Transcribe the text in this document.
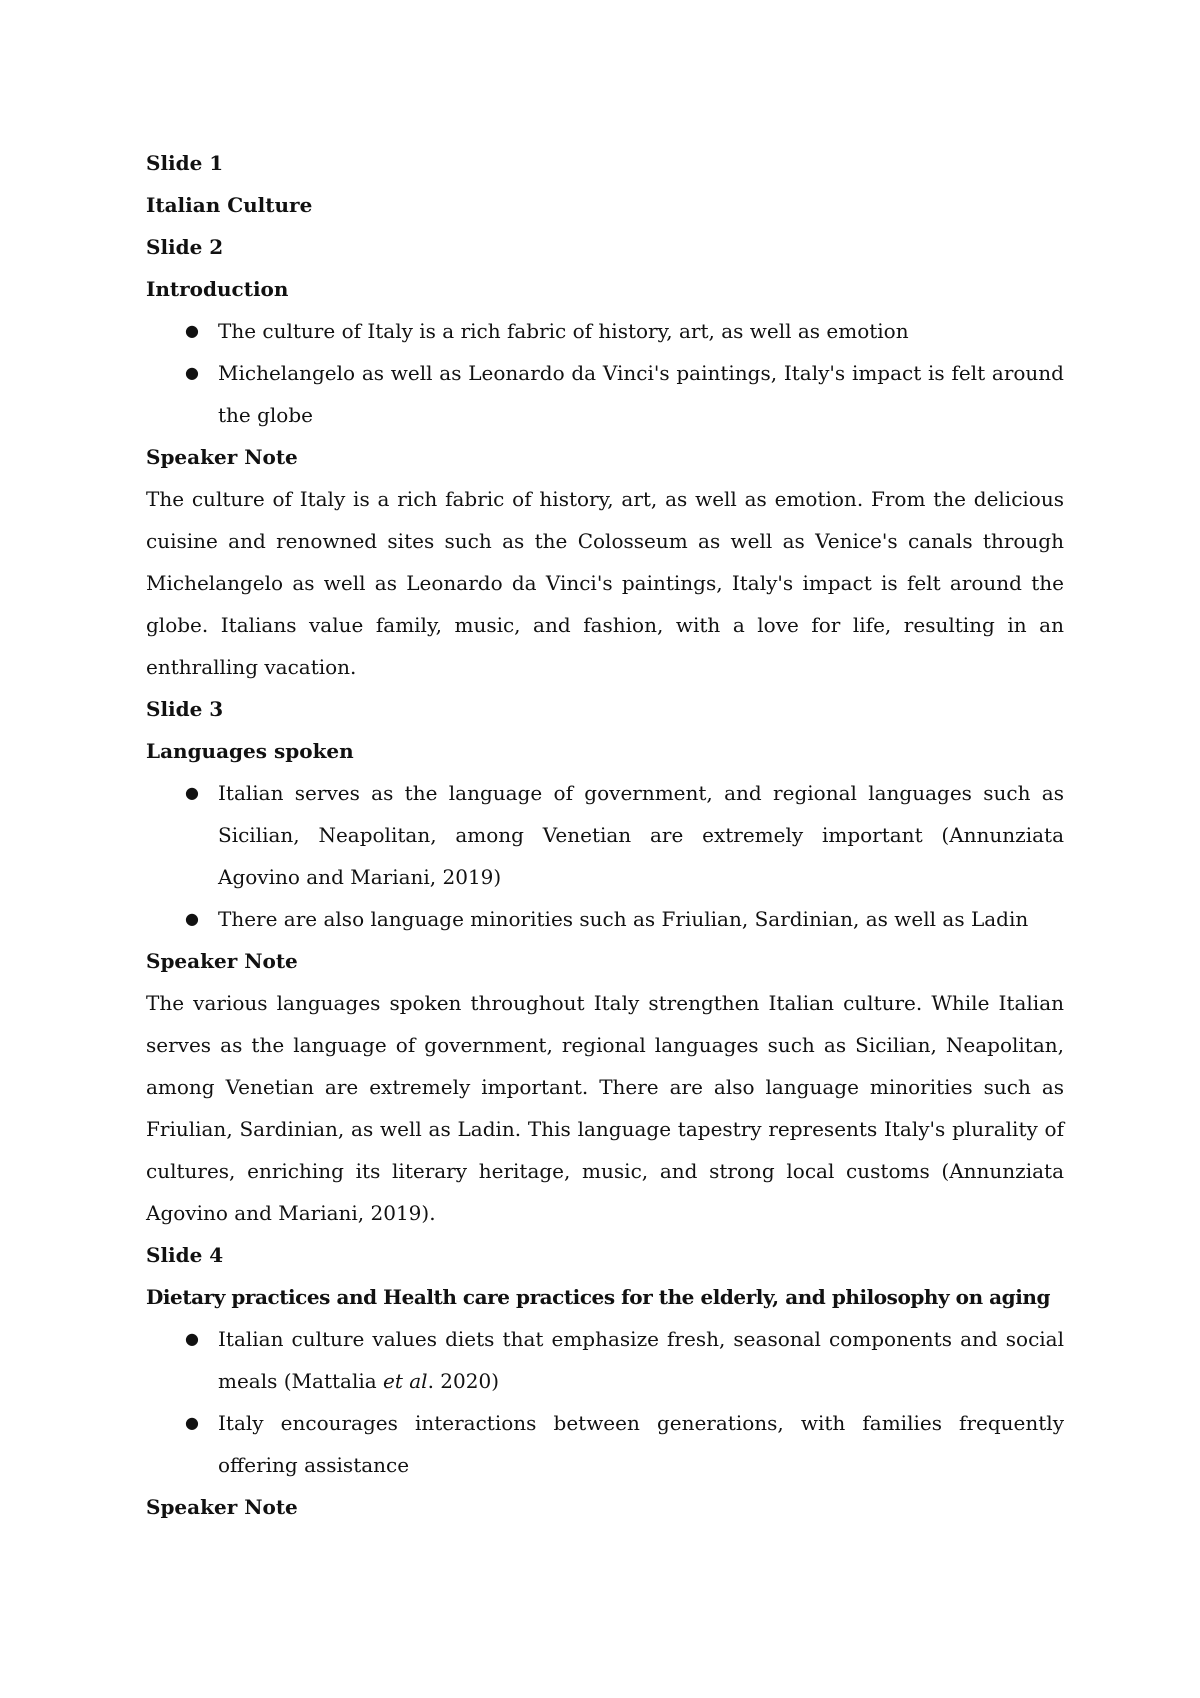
Slide 1

Italian Culture

Slide 2

Introduction

● The culture of Italy is a rich fabric of history, art, as well as emotion
● Michelangelo as well as Leonardo da Vinci's paintings, Italy's impact is felt around the globe

Speaker Note

The culture of Italy is a rich fabric of history, art, as well as emotion. From the delicious cuisine and renowned sites such as the Colosseum as well as Venice's canals through Michelangelo as well as Leonardo da Vinci's paintings, Italy's impact is felt around the globe. Italians value family, music, and fashion, with a love for life, resulting in an enthralling vacation.

Slide 3

Languages spoken

● Italian serves as the language of government, and regional languages such as Sicilian, Neapolitan, among Venetian are extremely important (Annunziata Agovino and Mariani, 2019)
● There are also language minorities such as Friulian, Sardinian, as well as Ladin

Speaker Note

The various languages spoken throughout Italy strengthen Italian culture. While Italian serves as the language of government, regional languages such as Sicilian, Neapolitan, among Venetian are extremely important. There are also language minorities such as Friulian, Sardinian, as well as Ladin. This language tapestry represents Italy's plurality of cultures, enriching its literary heritage, music, and strong local customs (Annunziata Agovino and Mariani, 2019).

Slide 4

Dietary practices and Health care practices for the elderly, and philosophy on aging

● Italian culture values diets that emphasize fresh, seasonal components and social meals (Mattalia et al. 2020)
● Italy encourages interactions between generations, with families frequently offering assistance

Speaker Note
